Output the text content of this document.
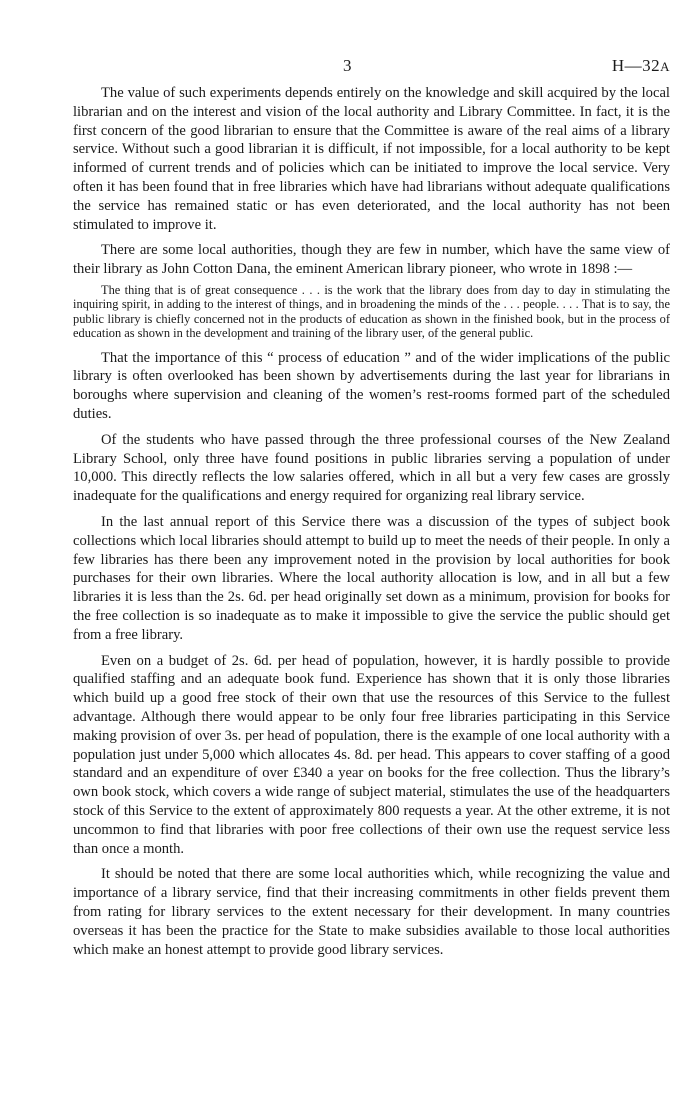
3	H—32A

The value of such experiments depends entirely on the knowledge and skill acquired by the local librarian and on the interest and vision of the local authority and Library Committee. In fact, it is the first concern of the good librarian to ensure that the Committee is aware of the real aims of a library service. Without such a good librarian it is difficult, if not impossible, for a local authority to be kept informed of current trends and of policies which can be initiated to improve the local service. Very often it has been found that in free libraries which have had librarians without adequate qualifications the service has remained static or has even deteriorated, and the local authority has not been stimulated to improve it.

There are some local authorities, though they are few in number, which have the same view of their library as John Cotton Dana, the eminent American library pioneer, who wrote in 1898 :—

The thing that is of great consequence . . . is the work that the library does from day to day in stimulating the inquiring spirit, in adding to the interest of things, and in broadening the minds of the . . . people. . . . That is to say, the public library is chiefly concerned not in the products of education as shown in the finished book, but in the process of education as shown in the development and training of the library user, of the general public.

That the importance of this “ process of education ” and of the wider implications of the public library is often overlooked has been shown by advertisements during the last year for librarians in boroughs where supervision and cleaning of the women’s rest-rooms formed part of the scheduled duties.

Of the students who have passed through the three professional courses of the New Zealand Library School, only three have found positions in public libraries serving a population of under 10,000. This directly reflects the low salaries offered, which in all but a very few cases are grossly inadequate for the qualifications and energy required for organizing real library service.

In the last annual report of this Service there was a discussion of the types of subject book collections which local libraries should attempt to build up to meet the needs of their people. In only a few libraries has there been any improvement noted in the provision by local authorities for book purchases for their own libraries. Where the local authority allocation is low, and in all but a few libraries it is less than the 2s. 6d. per head originally set down as a minimum, provision for books for the free collection is so inadequate as to make it impossible to give the service the public should get from a free library.

Even on a budget of 2s. 6d. per head of population, however, it is hardly possible to provide qualified staffing and an adequate book fund. Experience has shown that it is only those libraries which build up a good free stock of their own that use the resources of this Service to the fullest advantage. Although there would appear to be only four free libraries participating in this Service making provision of over 3s. per head of population, there is the example of one local authority with a population just under 5,000 which allocates 4s. 8d. per head. This appears to cover staffing of a good standard and an expenditure of over £340 a year on books for the free collection. Thus the library’s own book stock, which covers a wide range of subject material, stimulates the use of the headquarters stock of this Service to the extent of approximately 800 requests a year. At the other extreme, it is not uncommon to find that libraries with poor free collections of their own use the request service less than once a month.

It should be noted that there are some local authorities which, while recognizing the value and importance of a library service, find that their increasing commitments in other fields prevent them from rating for library services to the extent necessary for their development. In many countries overseas it has been the practice for the State to make subsidies available to those local authorities which make an honest attempt to provide good library services.
